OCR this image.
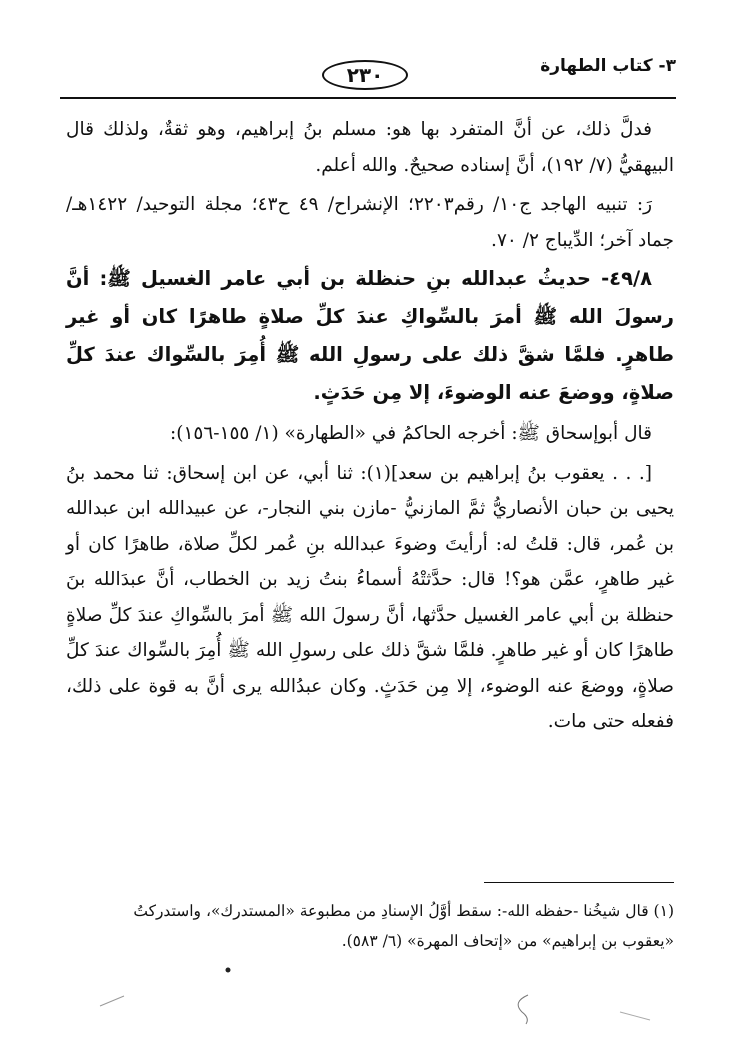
٣- كتاب الطهارة
٢٣٠

فدلَّ ذلك، عن أنَّ المتفرد بها هو: مسلم بنُ إبراهيم، وهو ثقةٌ، ولذلك قال البيهقيُّ (٧/ ١٩٢)، أنَّ إسناده صحيحٌ. والله أعلم.

رَ: تنبيه الهاجد ج١٠/ رقم٢٢٠٣؛ الإنشراح/ ٤٩ ح٤٣؛ مجلة التوحيد/ ١٤٢٢هـ/ جماد آخر؛ الدِّيباج ٢/ ٧٠.

٤٩/٨- حديثُ عبدالله بنِ حنظلة بن أبي عامر الغسيل ﷺ: أنَّ رسولَ الله ﷺ أمرَ بالسِّواكِ عندَ كلِّ صلاةٍ طاهرًا كان أو غير طاهرٍ. فلمَّا شقَّ ذلك على رسولِ الله ﷺ أُمِرَ بالسِّواك عندَ كلِّ صلاةٍ، ووضعَ عنه الوضوءَ، إلا مِن حَدَثٍ.

قال أبوإسحاق ﷺ: أخرجه الحاكمُ في «الطهارة» (١/ ١٥٥-١٥٦):

[. . . يعقوب بنُ إبراهيم بن سعد](١): ثنا أبي، عن ابن إسحاق: ثنا محمد بنُ يحيى بن حبان الأنصاريُّ ثمَّ المازنيُّ -مازن بني النجار-، عن عبيدالله ابن عبدالله بن عُمر، قال: قلتُ له: أرأيتَ وضوءَ عبدالله بنِ عُمر لكلِّ صلاة، طاهرًا كان أو غير طاهرٍ، عمَّن هو؟! قال: حدَّثتْهُ أسماءُ بنتُ زيد بن الخطاب، أنَّ عبدَالله بنَ حنظلة بن أبي عامر الغسيل حدَّثها، أنَّ رسولَ الله ﷺ أمرَ بالسِّواكِ عندَ كلِّ صلاةٍ طاهرًا كان أو غير طاهرٍ. فلمَّا شقَّ ذلك على رسولِ الله ﷺ أُمِرَ بالسِّواك عندَ كلِّ صلاةٍ، ووضعَ عنه الوضوء، إلا مِن حَدَثٍ. وكان عبدُالله يرى أنَّ به قوة على ذلك، ففعله حتى مات.

(١) قال شيخُنا -حفظه الله-: سقط أوَّلُ الإسنادِ من مطبوعة «المستدرك»، واستدركتُ

«يعقوب بن إبراهيم» من «إتحاف المهرة» (٦/ ٥٨٣).
